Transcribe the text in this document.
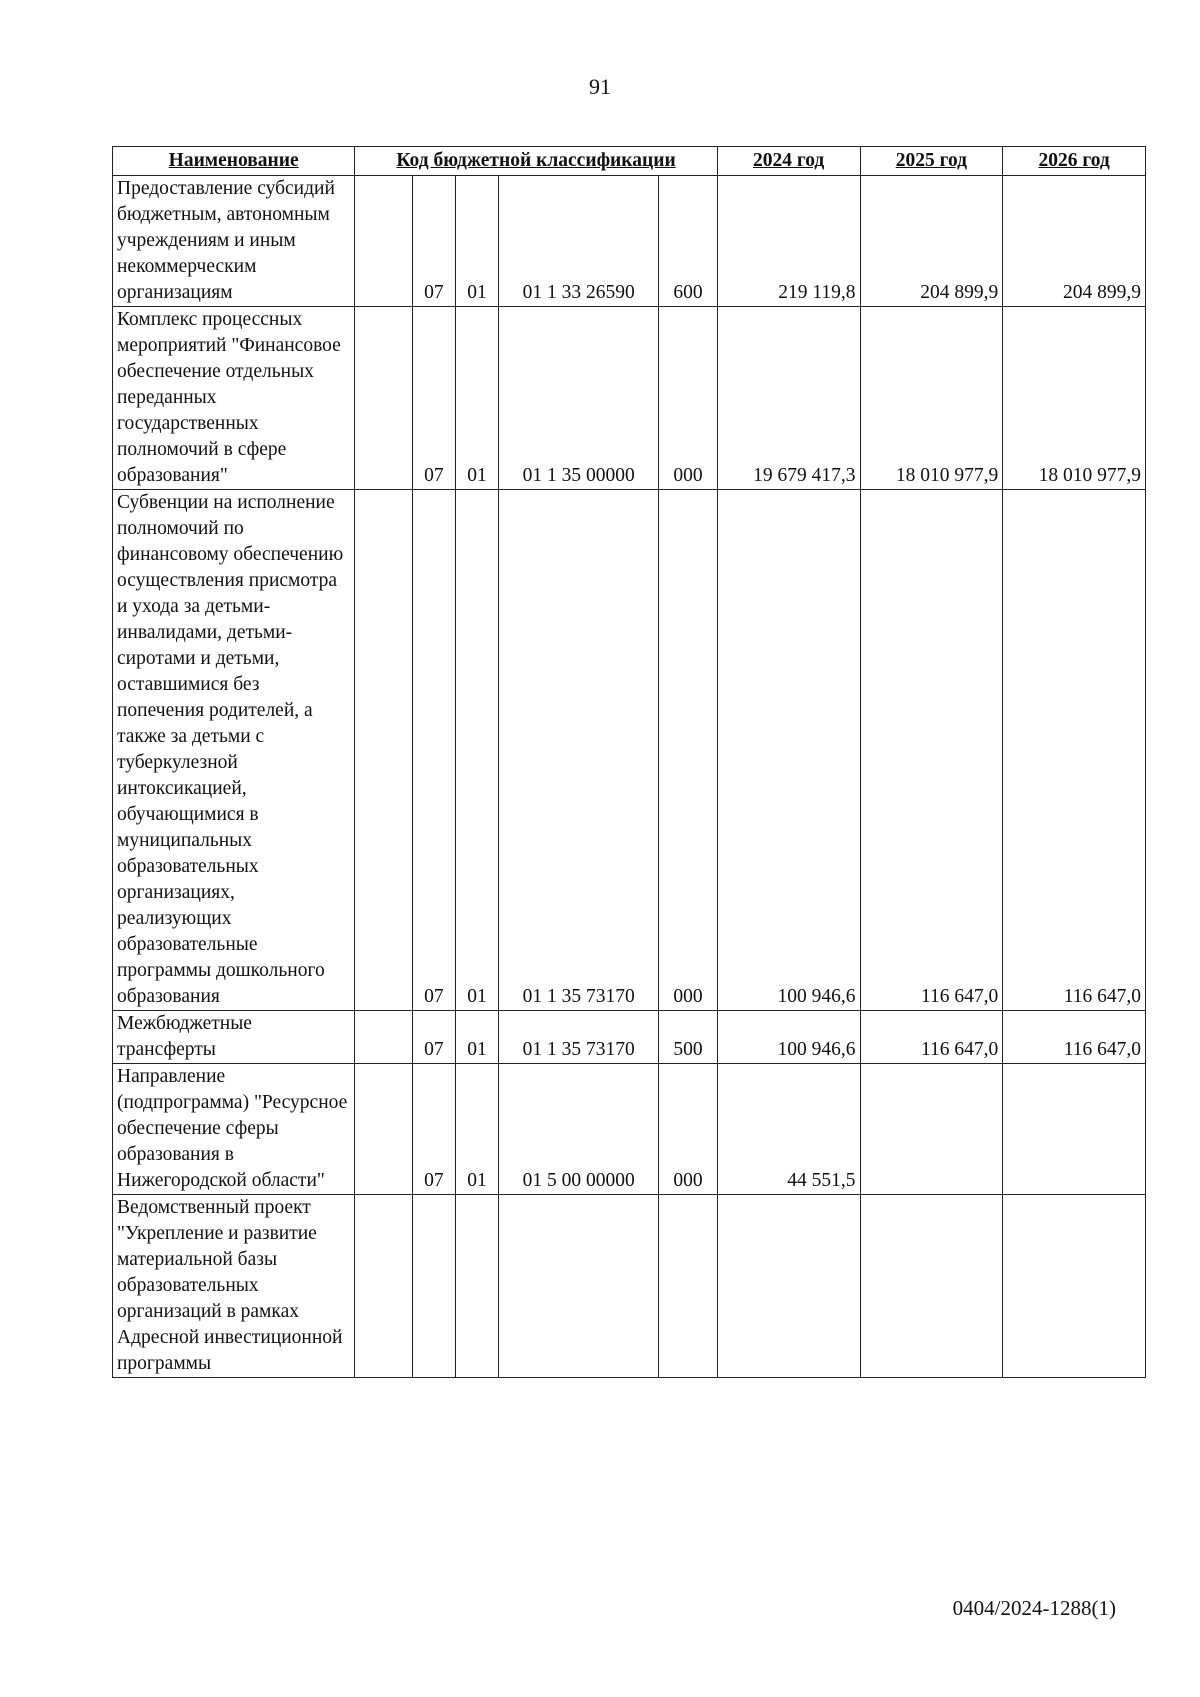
91
Наименование	Код бюджетной классификации					2024 год	2025 год	2026 год
Предоставление субсидий бюджетным, автономным учреждениям и иным некоммерческим организациям		07	01	01 1 33 26590	600	219 119,8	204 899,9	204 899,9
Комплекс процессных мероприятий "Финансовое обеспечение отдельных переданных государственных полномочий в сфере образования"		07	01	01 1 35 00000	000	19 679 417,3	18 010 977,9	18 010 977,9
Субвенции на исполнение полномочий по финансовому обеспечению осуществления присмотра и ухода за детьми-инвалидами, детьми-сиротами и детьми, оставшимися без попечения родителей, а также за детьми с туберкулезной интоксикацией, обучающимися в муниципальных образовательных организациях, реализующих образовательные программы дошкольного образования		07	01	01 1 35 73170	000	100 946,6	116 647,0	116 647,0
Межбюджетные трансферты		07	01	01 1 35 73170	500	100 946,6	116 647,0	116 647,0
Направление (подпрограмма) "Ресурсное обеспечение сферы образования в Нижегородской области"		07	01	01 5 00 00000	000	44 551,5		
Ведомственный проект "Укрепление и развитие материальной базы образовательных организаций в рамках Адресной инвестиционной программы								
0404/2024-1288(1)
